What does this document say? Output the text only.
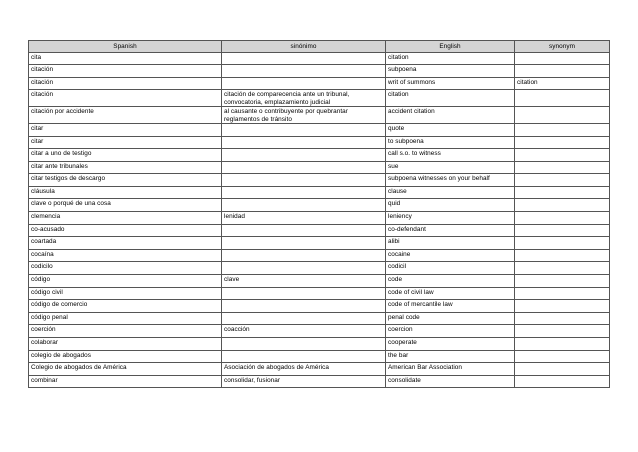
Spanish	sinónimo	English	synonym
cita		citation	
citación		subpoena	
citación		writ of summons	citation
citación	citación de comparecencia ante un tribunal, convocatoria, emplazamiento judicial	citation	
citación por accidente	al causante o contribuyente por quebrantar reglamentos de tránsito	accident citation	
citar		quote	
citar		to subpoena	
citar a uno de testigo		call s.o. to witness	
citar ante tribunales		sue	
citar testigos de descargo		subpoena witnesses on your behalf	
cláusula		clause	
clave o porqué de una cosa		quid	
clemencia	lenidad	leniency	
co-acusado		co-defendant	
coartada		alibi	
cocaína		cocaine	
codicilo		codicil	
código	clave	code	
código civil		code of civil law	
código de comercio		code of mercantile law	
código penal		penal code	
coerción	coacción	coercion	
colaborar		cooperate	
colegio de abogados		the bar	
Colegio de abogados de América	Asociación de abogados de América	American Bar Association	
combinar	consolidar, fusionar	consolidate	
